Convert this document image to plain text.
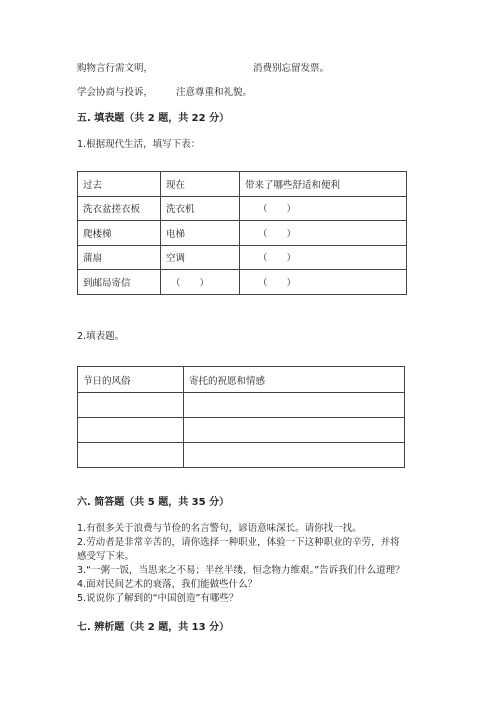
购物言行需文明，	消费别忘留发票。
学会协商与投诉， 注意尊重和礼貌。
五. 填表题（共 2 题，共 22 分）
1.根据现代生活，填写下表：
过去	现在	带来了哪些舒适和便利
洗衣盆搓衣板	洗衣机	（　　）
爬楼梯	电梯	（　　）
蒲扇	空调	（　　）
到邮局寄信	（　　）	（　　）
2.填表题。
节日的风俗	寄托的祝愿和情感

六. 简答题（共 5 题，共 35 分）
1.有很多关于浪费与节俭的名言警句，谚语意味深长。请你找一找。
2.劳动者是非常辛苦的，请你选择一种职业，体验一下这种职业的辛劳，并将
感受写下来。
3.“一粥一饭，当思来之不易；半丝半缕，恒念物力维艰。”告诉我们什么道理？
4.面对民间艺术的衰落，我们能做些什么？
5.说说你了解到的“中国创造”有哪些？
七. 辨析题（共 2 题，共 13 分）
